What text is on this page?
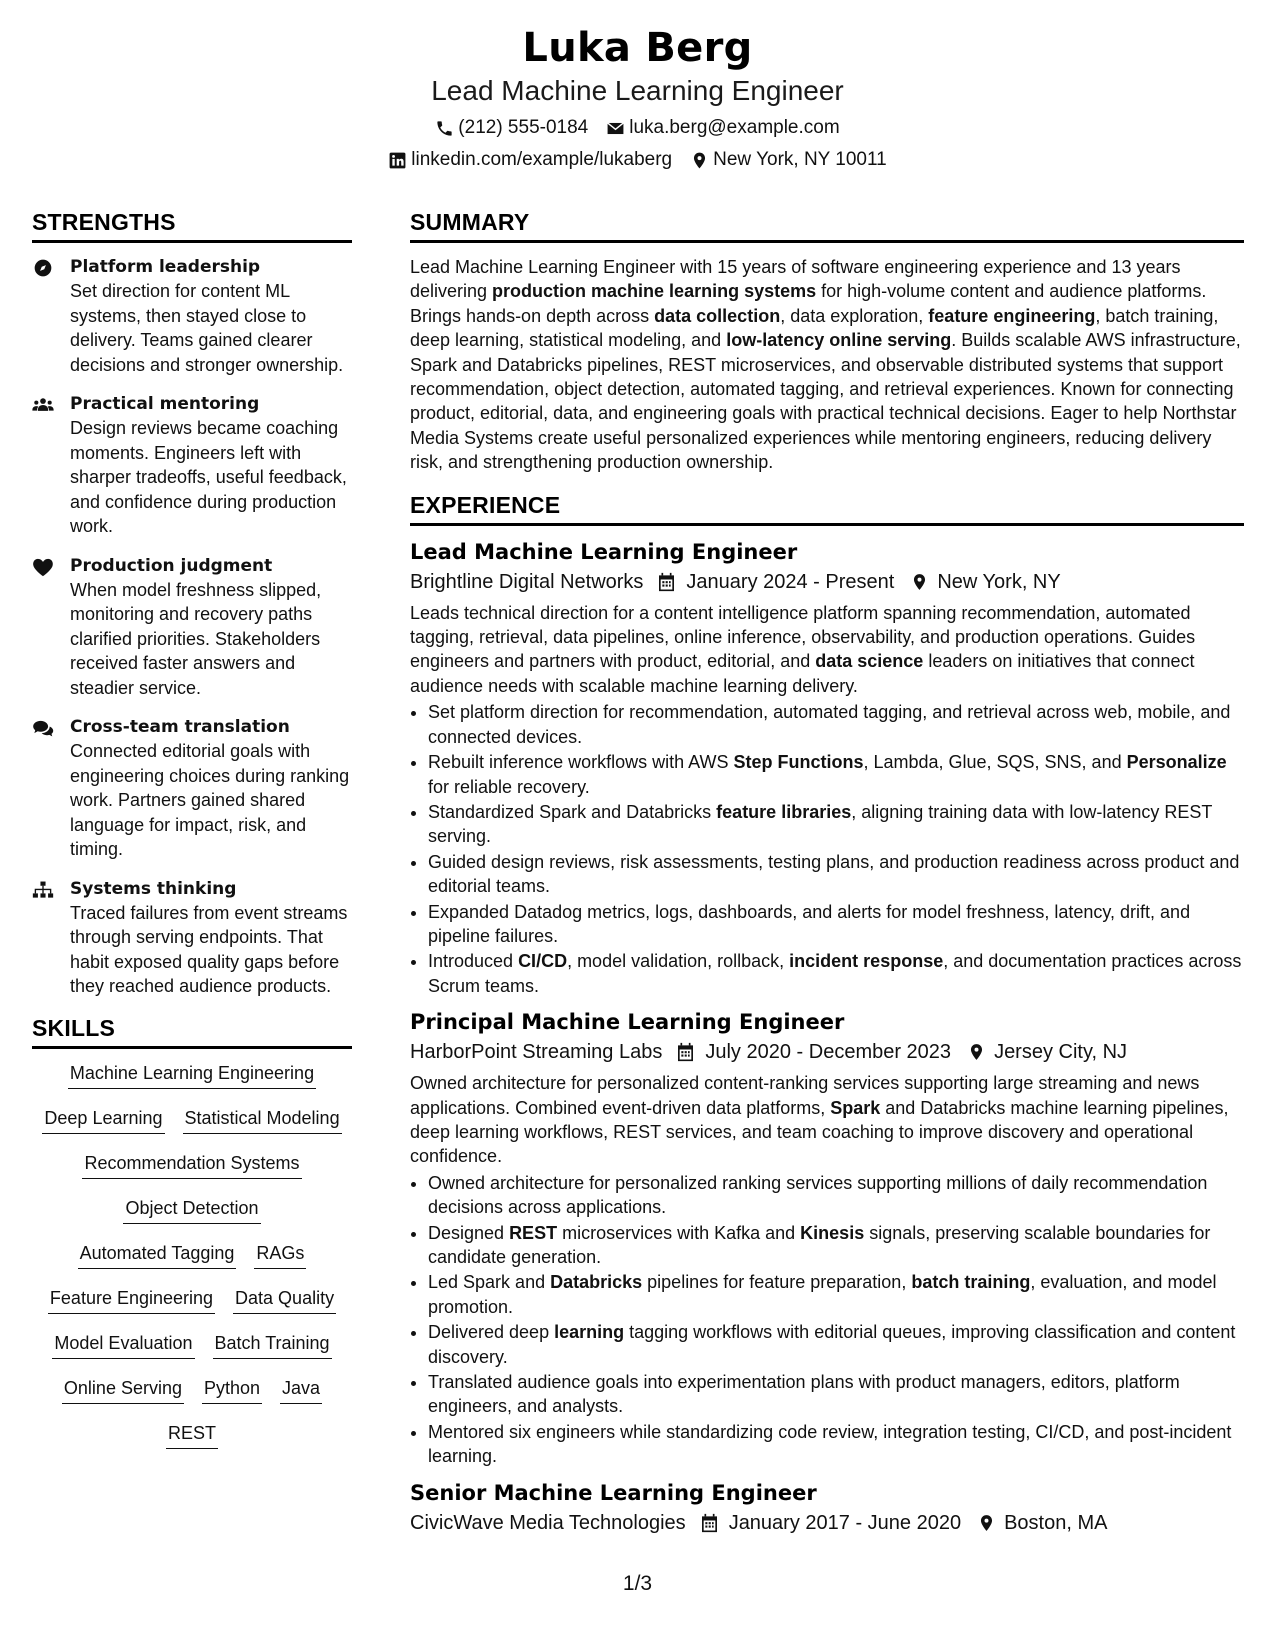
Luka Berg
Lead Machine Learning Engineer
(212) 555-0184 luka.berg@example.com
linkedin.com/example/lukaberg New York, NY 10011
STRENGTHS
Platform leadership
Set direction for content ML systems, then stayed close to delivery. Teams gained clearer decisions and stronger ownership.
Practical mentoring
Design reviews became coaching moments. Engineers left with sharper tradeoffs, useful feedback, and confidence during production work.
Production judgment
When model freshness slipped, monitoring and recovery paths clarified priorities. Stakeholders received faster answers and steadier service.
Cross-team translation
Connected editorial goals with engineering choices during ranking work. Partners gained shared language for impact, risk, and timing.
Systems thinking
Traced failures from event streams through serving endpoints. That habit exposed quality gaps before they reached audience products.
SKILLS
Machine Learning Engineering
Deep Learning Statistical Modeling
Recommendation Systems
Object Detection
Automated Tagging RAGs
Feature Engineering Data Quality
Model Evaluation Batch Training
Online Serving Python Java
REST
SUMMARY
Lead Machine Learning Engineer with 15 years of software engineering experience and 13 years delivering production machine learning systems for high-volume content and audience platforms. Brings hands-on depth across data collection, data exploration, feature engineering, batch training, deep learning, statistical modeling, and low-latency online serving. Builds scalable AWS infrastructure, Spark and Databricks pipelines, REST microservices, and observable distributed systems that support recommendation, object detection, automated tagging, and retrieval experiences. Known for connecting product, editorial, data, and engineering goals with practical technical decisions. Eager to help Northstar Media Systems create useful personalized experiences while mentoring engineers, reducing delivery risk, and strengthening production ownership.
EXPERIENCE
Lead Machine Learning Engineer
Brightline Digital Networks January 2024 - Present New York, NY
Leads technical direction for a content intelligence platform spanning recommendation, automated tagging, retrieval, data pipelines, online inference, observability, and production operations. Guides engineers and partners with product, editorial, and data science leaders on initiatives that connect audience needs with scalable machine learning delivery.
• Set platform direction for recommendation, automated tagging, and retrieval across web, mobile, and connected devices.
• Rebuilt inference workflows with AWS Step Functions, Lambda, Glue, SQS, SNS, and Personalize for reliable recovery.
• Standardized Spark and Databricks feature libraries, aligning training data with low-latency REST serving.
• Guided design reviews, risk assessments, testing plans, and production readiness across product and editorial teams.
• Expanded Datadog metrics, logs, dashboards, and alerts for model freshness, latency, drift, and pipeline failures.
• Introduced CI/CD, model validation, rollback, incident response, and documentation practices across Scrum teams.
Principal Machine Learning Engineer
HarborPoint Streaming Labs July 2020 - December 2023 Jersey City, NJ
Owned architecture for personalized content-ranking services supporting large streaming and news applications. Combined event-driven data platforms, Spark and Databricks machine learning pipelines, deep learning workflows, REST services, and team coaching to improve discovery and operational confidence.
• Owned architecture for personalized ranking services supporting millions of daily recommendation decisions across applications.
• Designed REST microservices with Kafka and Kinesis signals, preserving scalable boundaries for candidate generation.
• Led Spark and Databricks pipelines for feature preparation, batch training, evaluation, and model promotion.
• Delivered deep learning tagging workflows with editorial queues, improving classification and content discovery.
• Translated audience goals into experimentation plans with product managers, editors, platform engineers, and analysts.
• Mentored six engineers while standardizing code review, integration testing, CI/CD, and post-incident learning.
Senior Machine Learning Engineer
CivicWave Media Technologies January 2017 - June 2020 Boston, MA
1/3
